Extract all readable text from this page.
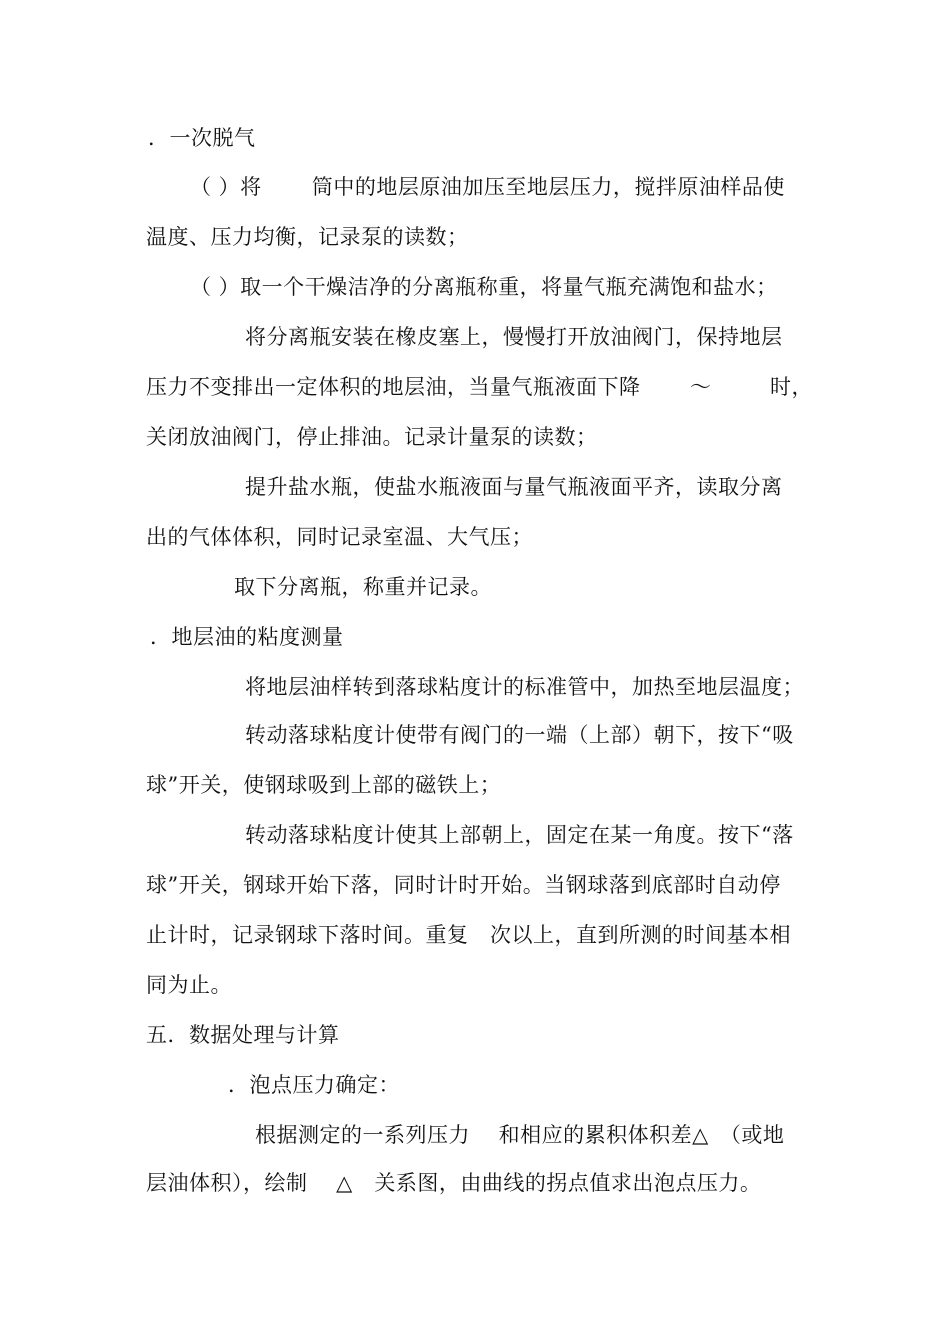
．一次脱气
（ ）将　　 筒中的地层原油加压至地层压力，搅拌原油样品使
温度、压力均衡，记录泵的读数；
（ ）取一个干燥洁净的分离瓶称重，将量气瓶充满饱和盐水；
将分离瓶安装在橡皮塞上，慢慢打开放油阀门，保持地层
压力不变排出一定体积的地层油，当量气瓶液面下降 ～	时，
关闭放油阀门，停止排油。记录计量泵的读数；
提升盐水瓶，使盐水瓶液面与量气瓶液面平齐，读取分离
出的气体体积，同时记录室温、大气压；
取下分离瓶，称重并记录。
．地层油的粘度测量
将地层油样转到落球粘度计的标准管中，加热至地层温度；
转动落球粘度计使带有阀门的一端（上部）朝下，按下“吸
球”开关，使钢球吸到上部的磁铁上；
转动落球粘度计使其上部朝上，固定在某一角度。按下“落
球”开关，钢球开始下落，同时计时开始。当钢球落到底部时自动停
止计时，记录钢球下落时间。重复　次以上，直到所测的时间基本相
同为止。
五．数据处理与计算
．泡点压力确定：
根据测定的一系列压力　 和相应的累积体积差△　（或地
层油体积），绘制　 △　关系图，由曲线的拐点值求出泡点压力。
